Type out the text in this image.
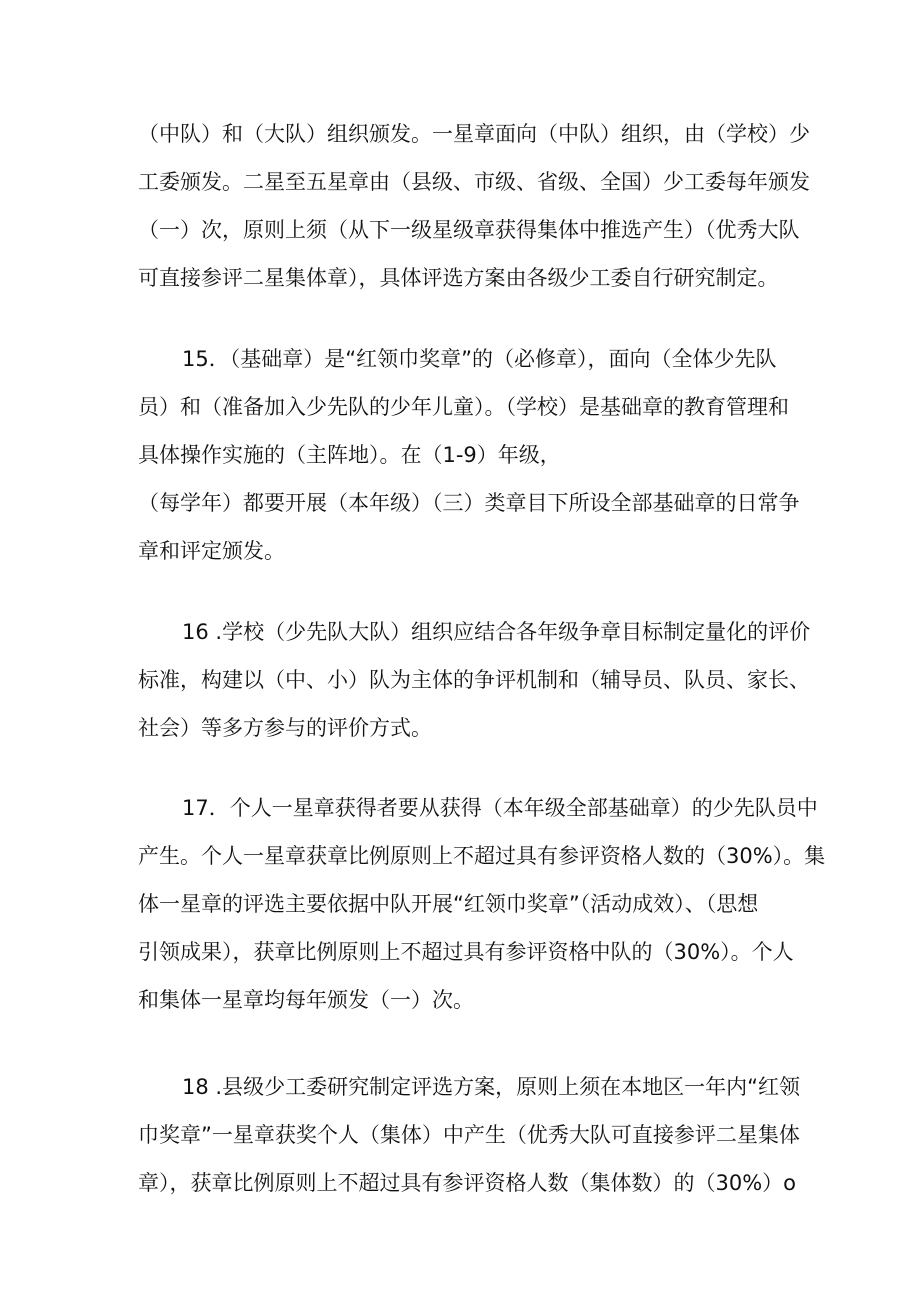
（中队）和（大队）组织颁发。一星章面向（中队）组织，由（学校）少
工委颁发。二星至五星章由（县级、市级、省级、全国）少工委每年颁发
（一）次，原则上须（从下一级星级章获得集体中推选产生）（优秀大队
可直接参评二星集体章），具体评选方案由各级少工委自行研究制定。
15．（基础章）是“红领巾奖章”的（必修章），面向（全体少先队
员）和（准备加入少先队的少年儿童）。（学校）是基础章的教育管理和
具体操作实施的（主阵地）。在（1-9）年级，
（每学年）都要开展（本年级）（三）类章目下所设全部基础章的日常争
章和评定颁发。
16 .学校（少先队大队）组织应结合各年级争章目标制定量化的评价
标准，构建以（中、小）队为主体的争评机制和（辅导员、队员、家长、
社会）等多方参与的评价方式。
17．个人一星章获得者要从获得（本年级全部基础章）的少先队员中
产生。个人一星章获章比例原则上不超过具有参评资格人数的（30%）。集
体一星章的评选主要依据中队开展“红领巾奖章”（活动成效）、（思想
引领成果），获章比例原则上不超过具有参评资格中队的（30%）。个人
和集体一星章均每年颁发（一）次。
18 .县级少工委研究制定评选方案，原则上须在本地区一年内“红领
巾奖章”一星章获奖个人（集体）中产生（优秀大队可直接参评二星集体
章），获章比例原则上不超过具有参评资格人数（集体数）的（30%）o
